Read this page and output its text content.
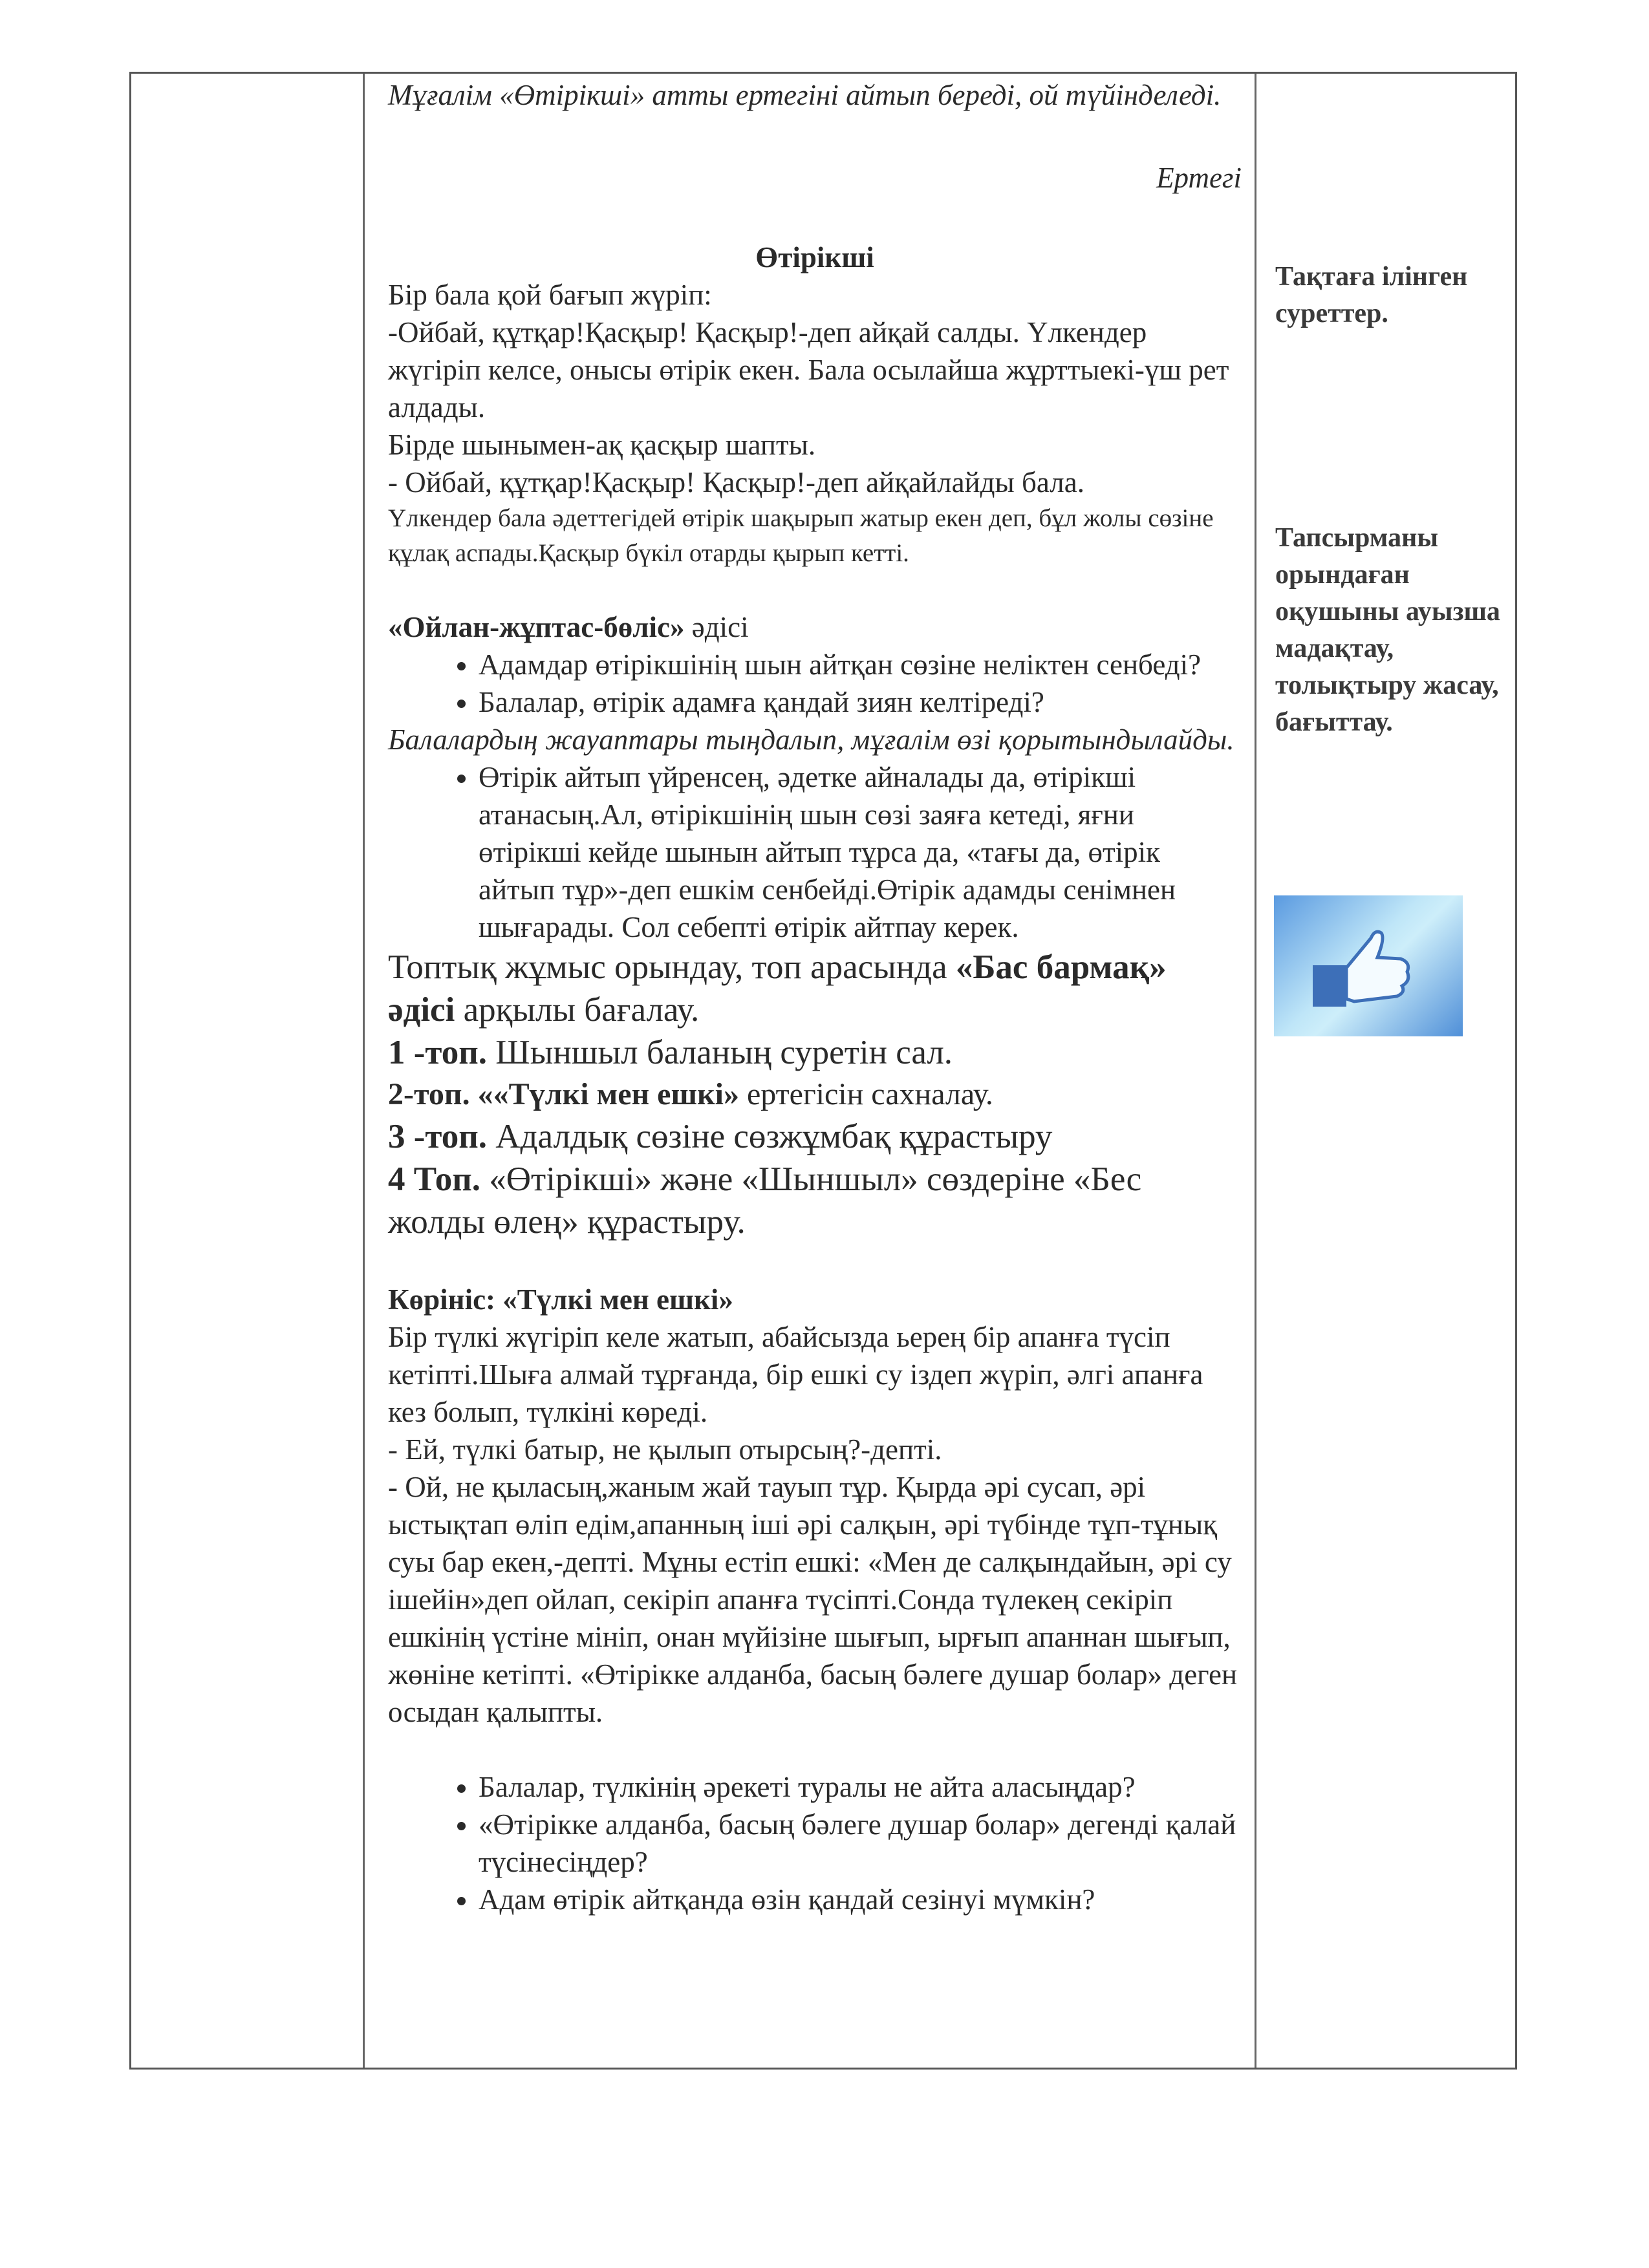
Мұғалім «Өтірікші» атты ертегіні айтып береді, ой түйінделеді.

Ертегі

Өтірікші

Бір бала қой бағып жүріп:

-Ойбай, құтқар!Қасқыр! Қасқыр!-деп айқай салды. Үлкендер жүгіріп келсе, онысы өтірік екен. Бала осылайша жұрттыекі-үш рет алдады.

Бірде шынымен-ақ қасқыр шапты.

- Ойбай, құтқар!Қасқыр! Қасқыр!-деп айқайлайды бала.

Үлкендер бала әдеттегідей өтірік шақырып жатыр екен деп, бұл жолы сөзіне құлақ аспады.Қасқыр бүкіл отарды қырып кетті.

«Ойлан-жұптас-бөліс» әдісі

• Адамдар өтірікшінің шын айтқан сөзіне неліктен сенбеді?
• Балалар, өтірік адамға қандай зиян келтіреді?

Балалардың жауаптары тыңдалып, мұғалім өзі қорытындылайды.

• Өтірік айтып үйренсең, әдетке айналады да, өтірікші атанасың.Ал, өтірікшінің шын сөзі заяға кетеді, яғни өтірікші кейде шынын айтып тұрса да, «тағы да, өтірік айтып тұр»-деп ешкім сенбейді.Өтірік адамды сенімнен шығарады. Сол себепті өтірік айтпау керек.

Топтық жұмыс орындау, топ арасында «Бас бармақ» әдісі арқылы бағалау.

1 -топ. Шыншыл баланың суретін сал.

2-топ. ««Түлкі мен ешкі» ертегісін сахналау.

3 -топ. Адалдық сөзіне сөзжұмбақ құрастыру

4 Топ. «Өтірікші» және «Шыншыл» сөздеріне «Бес жолды өлең» құрастыру.

Көрініс: «Түлкі мен ешкі»

Бір түлкі жүгіріп келе жатып, абайсызда ьерең бір апанға түсіп кетіпті.Шыға алмай тұрғанда, бір ешкі су іздеп жүріп, әлгі апанға кез болып, түлкіні көреді.

- Ей, түлкі батыр, не қылып отырсың?-депті.

- Ой, не қыласың,жаным жай тауып тұр. Қырда әрі сусап, әрі ыстықтап өліп едім,апанның іші әрі салқын, әрі түбінде тұп-тұнық суы бар екен,-депті. Мұны естіп ешкі: «Мен де салқындайын, әрі су ішейін»деп ойлап, секіріп апанға түсіпті.Сонда түлекең секіріп ешкінің үстіне мініп, онан мүйізіне шығып, ырғып апаннан шығып, жөніне кетіпті. «Өтірікке алданба, басың бәлеге душар болар» деген осыдан қалыпты.

• Балалар, түлкінің әрекеті туралы не айта аласыңдар?
• «Өтірікке алданба, басың бәлеге душар болар» дегенді қалай түсінесіңдер?
• Адам өтірік айтқанда өзін қандай сезінуі мүмкін?

Тақтаға ілінген суреттер.

Тапсырманы орындаған оқушыны ауызша мадақтау, толықтыру жасау, бағыттау.
